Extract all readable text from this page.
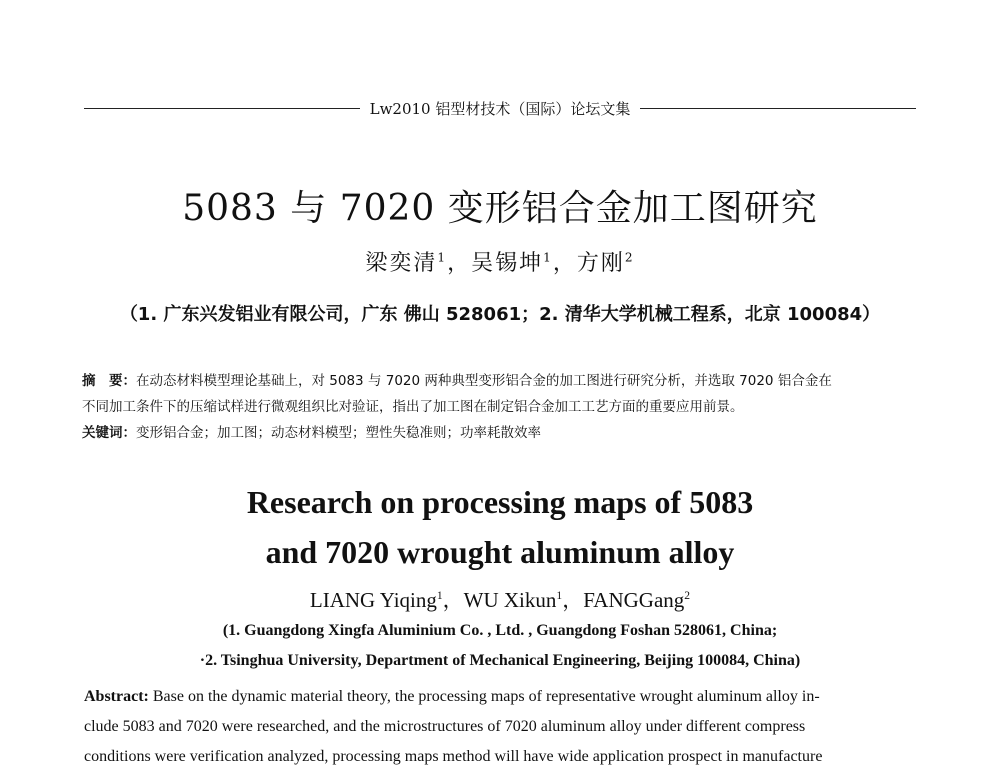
Lw2010 铝型材技术（国际）论坛文集
5083 与 7020 变形铝合金加工图研究
梁奕清$^1$，吴锡坤$^1$，方刚$^2$
（1. 广东兴发铝业有限公司，广东 佛山 528061；2. 清华大学机械工程系，北京 100084）
摘　要：在动态材料模型理论基础上，对 5083 与 7020 两种典型变形铝合金的加工图进行研究分析，并选取 7020 铝合金在
不同加工条件下的压缩试样进行微观组织比对验证，指出了加工图在制定铝合金加工工艺方面的重要应用前景。
关键词：变形铝合金；加工图；动态材料模型；塑性失稳准则；功率耗散效率
Research on processing maps of 5083
and 7020 wrought aluminum alloy
LIANG Yiqing$^1$，WU Xikun$^1$，FANGGang$^2$
(1. Guangdong Xingfa Aluminium Co. , Ltd. , Guangdong Foshan 528061, China;
·2. Tsinghua University, Department of Mechanical Engineering, Beijing 100084, China)
Abstract: Base on the dynamic material theory, the processing maps of representative wrought aluminum alloy in-
clude 5083 and 7020 were researched, and the microstructures of 7020 aluminum alloy under different compress
conditions were verification analyzed, processing maps method will have wide application prospect in manufacture
